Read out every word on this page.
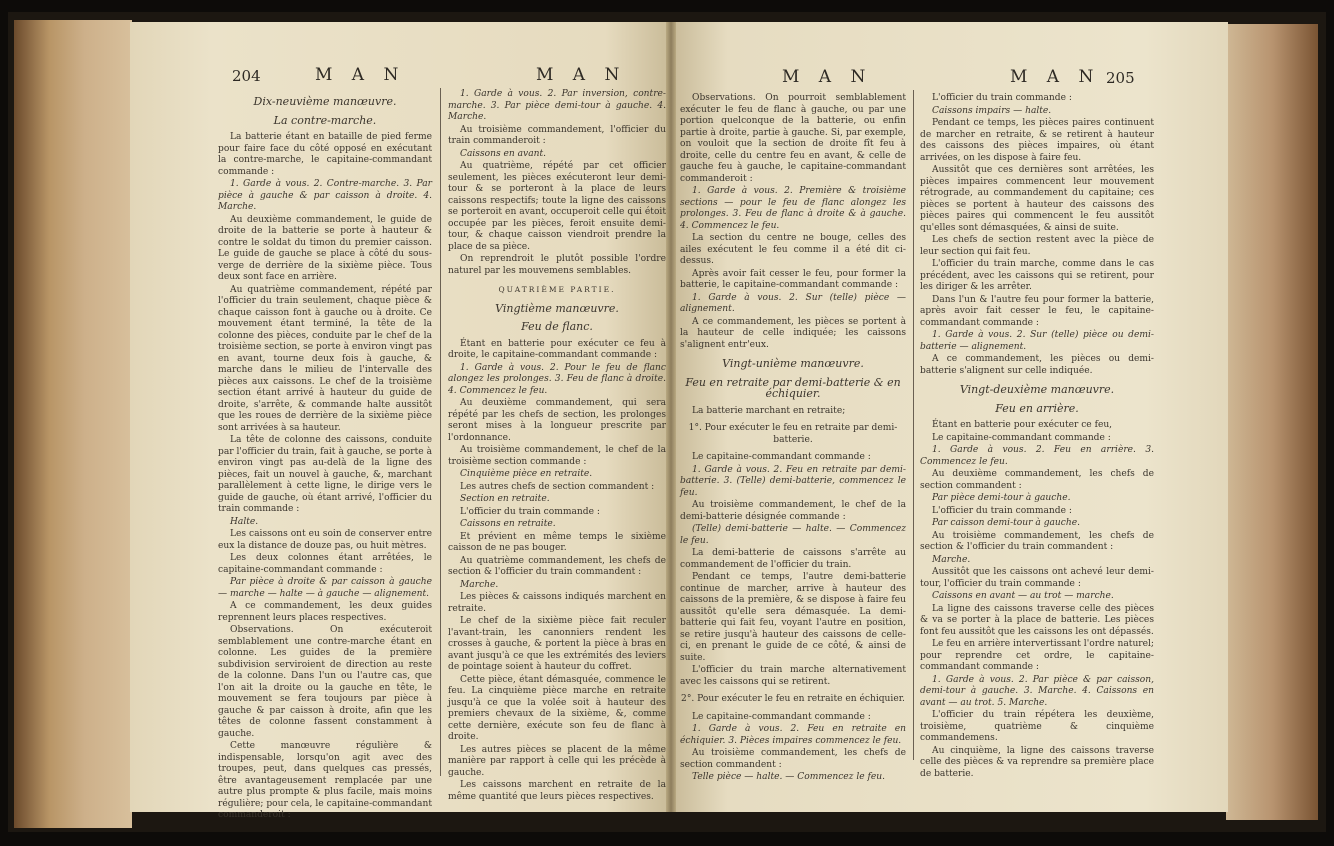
204	M A N	M A N	M A N	M A N 205

Dix-neuvième manœuvre.

La contre-marche.

La batterie étant en bataille de pied ferme pour faire face du côté opposé en exécutant la contre-marche, le capitaine-commandant commande :

1. Garde à vous. 2. Contre-marche. 3. Par pièce à gauche & par caisson à droite. 4. Marche.

Au deuxième commandement, le guide de droite de la batterie se porte à hauteur & contre le soldat du timon du premier caisson. Le guide de gauche se place à côté du sous-verge de derrière de la sixième pièce. Tous deux sont face en arrière.

Au quatrième commandement, répété par l'officier du train seulement, chaque pièce & chaque caisson font à gauche ou à droite. Ce mouvement étant terminé, la tête de la colonne des pièces, conduite par le chef de la troisième section, se porte à environ vingt pas en avant, tourne deux fois à gauche, & marche dans le milieu de l'intervalle des pièces aux caissons. Le chef de la troisième section étant arrivé à hauteur du guide de droite, s'arrête, & commande halte aussitôt que les roues de derrière de la sixième pièce sont arrivées à sa hauteur.

La tête de colonne des caissons, conduite par l'officier du train, fait à gauche, se porte à environ vingt pas au-delà de la ligne des pièces, fait un nouvel à gauche, &, marchant parallèlement à cette ligne, le dirige vers le guide de gauche, où étant arrivé, l'officier du train commande :

Halte.

Les caissons ont eu soin de conserver entre eux la distance de douze pas, ou huit mètres.

Les deux colonnes étant arrêtées, le capitaine-commandant commande :

Par pièce à droite & par caisson à gauche — marche — halte — à gauche — alignement.

A ce commandement, les deux guides reprennent leurs places respectives.

Observations. On exécuteroit semblablement une contre-marche étant en colonne. Les guides de la première subdivision serviroient de direction au reste de la colonne. Dans l'un ou l'autre cas, que l'on ait la droite ou la gauche en tête, le mouvement se fera toujours par pièce à gauche & par caisson à droite, afin que les têtes de colonne fassent constamment à gauche.

Cette manœuvre régulière & indispensable, lorsqu'on agit avec des troupes, peut, dans quelques cas pressés, être avantageusement remplacée par une autre plus prompte & plus facile, mais moins régulière; pour cela, le capitaine-commandant commanderoit :

1. Garde à vous. 2. Par inversion, contre-marche. 3. Par pièce demi-tour à gauche. 4. Marche.

Au troisième commandement, l'officier du train commanderoit :

Caissons en avant.

Au quatrième, répété par cet officier seulement, les pièces exécuteront leur demi-tour & se porteront à la place de leurs caissons respectifs; toute la ligne des caissons se porteroit en avant, occuperoit celle qui étoit occupée par les pièces, feroit ensuite demi-tour, & chaque caisson viendroit prendre la place de sa pièce.

On reprendroit le plutôt possible l'ordre naturel par les mouvemens semblables.

QUATRIÈME PARTIE.

Vingtième manœuvre.

Feu de flanc.

Étant en batterie pour exécuter ce feu à droite, le capitaine-commandant commande :

1. Garde à vous. 2. Pour le feu de flanc alongez les prolonges. 3. Feu de flanc à droite. 4. Commencez le feu.

Au deuxième commandement, qui sera répété par les chefs de section, les prolonges seront mises à la longueur prescrite par l'ordonnance.

Au troisième commandement, le chef de la troisième section commande :

Cinquième pièce en retraite.

Les autres chefs de section commandent :

Section en retraite.

L'officier du train commande :

Caissons en retraite.

Et prévient en même temps le sixième caisson de ne pas bouger.

Au quatrième commandement, les chefs de section & l'officier du train commandent :

Marche.

Les pièces & caissons indiqués marchent en retraite.

Le chef de la sixième pièce fait reculer l'avant-train, les canonniers rendent les crosses à gauche, & portent la pièce à bras en avant jusqu'à ce que les extrémités des leviers de pointage soient à hauteur du coffret.

Cette pièce, étant démasquée, commence le feu. La cinquième pièce marche en retraite jusqu'à ce que la volée soit à hauteur des premiers chevaux de la sixième, &, comme cette dernière, exécute son feu de flanc à droite.

Les autres pièces se placent de la même manière par rapport à celle qui les précède à gauche.

Les caissons marchent en retraite de la même quantité que leurs pièces respectives.

Observations. On pourroit semblablement exécuter le feu de flanc à gauche, ou par une portion quelconque de la batterie, ou enfin partie à droite, partie à gauche. Si, par exemple, on vouloit que la section de droite fît feu à droite, celle du centre feu en avant, & celle de gauche feu à gauche, le capitaine-commandant commanderoit :

1. Garde à vous. 2. Première & troisième sections — pour le feu de flanc alongez les prolonges. 3. Feu de flanc à droite & à gauche. 4. Commencez le feu.

La section du centre ne bouge, celles des ailes exécutent le feu comme il a été dit ci-dessus.

Après avoir fait cesser le feu, pour former la batterie, le capitaine-commandant commande :

1. Garde à vous. 2. Sur (telle) pièce — alignement.

A ce commandement, les pièces se portent à la hauteur de celle indiquée; les caissons s'alignent entr'eux.

Vingt-unième manœuvre.

Feu en retraite par demi-batterie & en échiquier.

La batterie marchant en retraite;

1°. Pour exécuter le feu en retraite par demi-batterie.

Le capitaine-commandant commande :

1. Garde à vous. 2. Feu en retraite par demi-batterie. 3. (Telle) demi-batterie, commencez le feu.

Au troisième commandement, le chef de la demi-batterie désignée commande :

(Telle) demi-batterie — halte. — Commencez le feu.

La demi-batterie de caissons s'arrête au commandement de l'officier du train.

Pendant ce temps, l'autre demi-batterie continue de marcher, arrive à hauteur des caissons de la première, & se dispose à faire feu aussitôt qu'elle sera démasquée. La demi-batterie qui fait feu, voyant l'autre en position, se retire jusqu'à hauteur des caissons de celle-ci, en prenant le guide de ce côté, & ainsi de suite.

L'officier du train marche alternativement avec les caissons qui se retirent.

2°. Pour exécuter le feu en retraite en échiquier.

Le capitaine-commandant commande :

1. Garde à vous. 2. Feu en retraite en échiquier. 3. Pièces impaires commencez le feu.

Au troisième commandement, les chefs de section commandent :

Telle pièce — halte. — Commencez le feu.

L'officier du train commande :

Caissons impairs — halte.

Pendant ce temps, les pièces paires continuent de marcher en retraite, & se retirent à hauteur des caissons des pièces impaires, où étant arrivées, on les dispose à faire feu.

Aussitôt que ces dernières sont arrêtées, les pièces impaires commencent leur mouvement rétrograde, au commandement du capitaine; ces pièces se portent à hauteur des caissons des pièces paires qui commencent le feu aussitôt qu'elles sont démasquées, & ainsi de suite.

Les chefs de section restent avec la pièce de leur section qui fait feu.

L'officier du train marche, comme dans le cas précédent, avec les caissons qui se retirent, pour les diriger & les arrêter.

Dans l'un & l'autre feu pour former la batterie, après avoir fait cesser le feu, le capitaine-commandant commande :

1. Garde à vous. 2. Sur (telle) pièce ou demi-batterie — alignement.

A ce commandement, les pièces ou demi-batterie s'alignent sur celle indiquée.

Vingt-deuxième manœuvre.

Feu en arrière.

Étant en batterie pour exécuter ce feu,

Le capitaine-commandant commande :

1. Garde à vous. 2. Feu en arrière. 3. Commencez le feu.

Au deuxième commandement, les chefs de section commandent :

Par pièce demi-tour à gauche.

L'officier du train commande :

Par caisson demi-tour à gauche.

Au troisième commandement, les chefs de section & l'officier du train commandent :

Marche.

Aussitôt que les caissons ont achevé leur demi-tour, l'officier du train commande :

Caissons en avant — au trot — marche.

La ligne des caissons traverse celle des pièces & va se porter à la place de batterie. Les pièces font feu aussitôt que les caissons les ont dépassés.

Le feu en arrière intervertissant l'ordre naturel; pour reprendre cet ordre, le capitaine-commandant commande :

1. Garde à vous. 2. Par pièce & par caisson, demi-tour à gauche. 3. Marche. 4. Caissons en avant — au trot. 5. Marche.

L'officier du train répétera les deuxième, troisième, quatrième & cinquième commandemens.

Au cinquième, la ligne des caissons traverse celle des pièces & va reprendre sa première place de batterie.
